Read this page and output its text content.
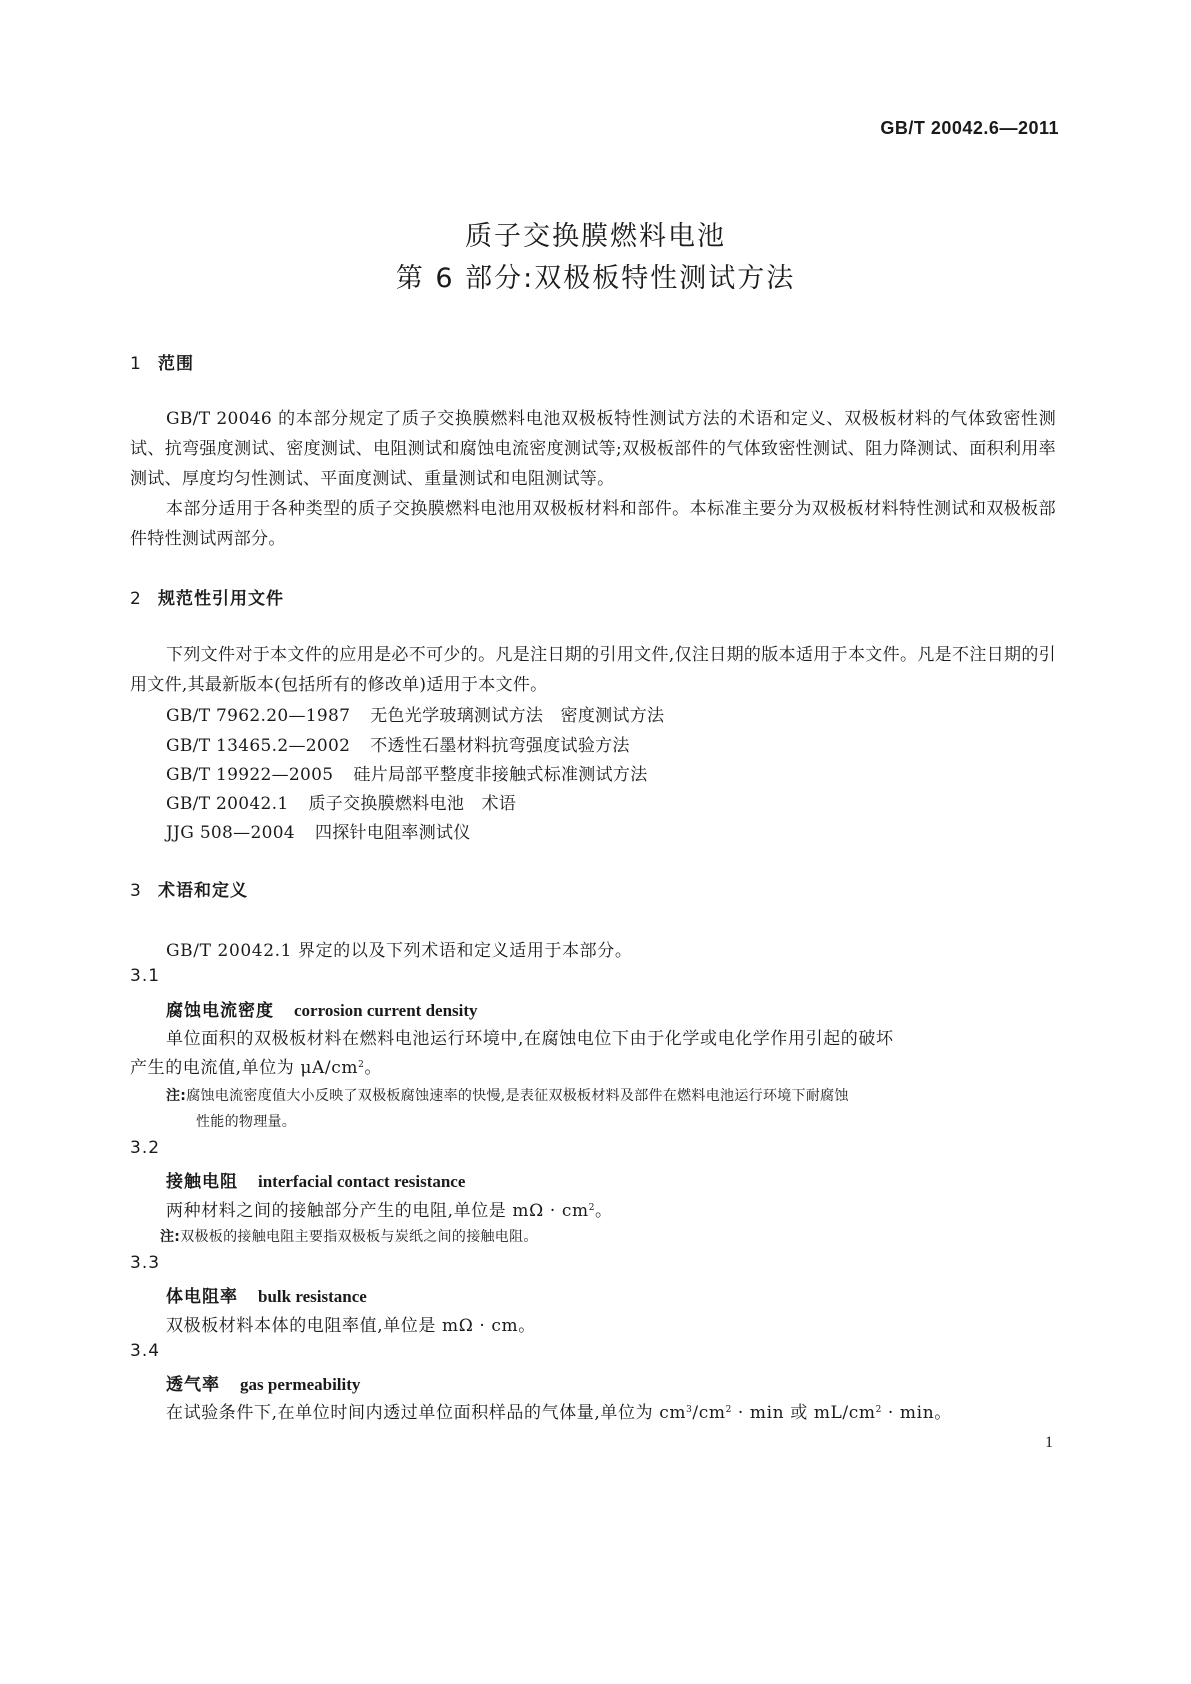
GB/T 20042.6—2011
质子交换膜燃料电池
第 6 部分:双极板特性测试方法
1 范围
GB/T 20046 的本部分规定了质子交换膜燃料电池双极板特性测试方法的术语和定义、双极板材料的气体致密性测试、抗弯强度测试、密度测试、电阻测试和腐蚀电流密度测试等;双极板部件的气体致密性测试、阻力降测试、面积利用率测试、厚度均匀性测试、平面度测试、重量测试和电阻测试等。
本部分适用于各种类型的质子交换膜燃料电池用双极板材料和部件。本标准主要分为双极板材料特性测试和双极板部件特性测试两部分。
2 规范性引用文件
下列文件对于本文件的应用是必不可少的。凡是注日期的引用文件,仅注日期的版本适用于本文件。凡是不注日期的引用文件,其最新版本(包括所有的修改单)适用于本文件。
GB/T 7962.20—1987 无色光学玻璃测试方法　密度测试方法
GB/T 13465.2—2002 不透性石墨材料抗弯强度试验方法
GB/T 19922—2005 硅片局部平整度非接触式标准测试方法
GB/T 20042.1 质子交换膜燃料电池　术语
JJG 508—2004 四探针电阻率测试仪
3 术语和定义
GB/T 20042.1 界定的以及下列术语和定义适用于本部分。
3.1
腐蚀电流密度 corrosion current density
单位面积的双极板材料在燃料电池运行环境中,在腐蚀电位下由于化学或电化学作用引起的破坏
产生的电流值,单位为 $\mu A/cm^2$。
注:腐蚀电流密度值大小反映了双极板腐蚀速率的快慢,是表征双极板材料及部件在燃料电池运行环境下耐腐蚀
性能的物理量。
3.2
接触电阻 interfacial contact resistance
两种材料之间的接触部分产生的电阻,单位是 $m\Omega \cdot cm^2$。
注:双极板的接触电阻主要指双极板与炭纸之间的接触电阻。
3.3
体电阻率 bulk resistance
双极板材料本体的电阻率值,单位是 mΩ · cm。
3.4
透气率 gas permeability
在试验条件下,在单位时间内透过单位面积样品的气体量,单位为 $cm^3/cm^2 \cdot \min$ 或 $mL/cm^2 \cdot \min$。
1
